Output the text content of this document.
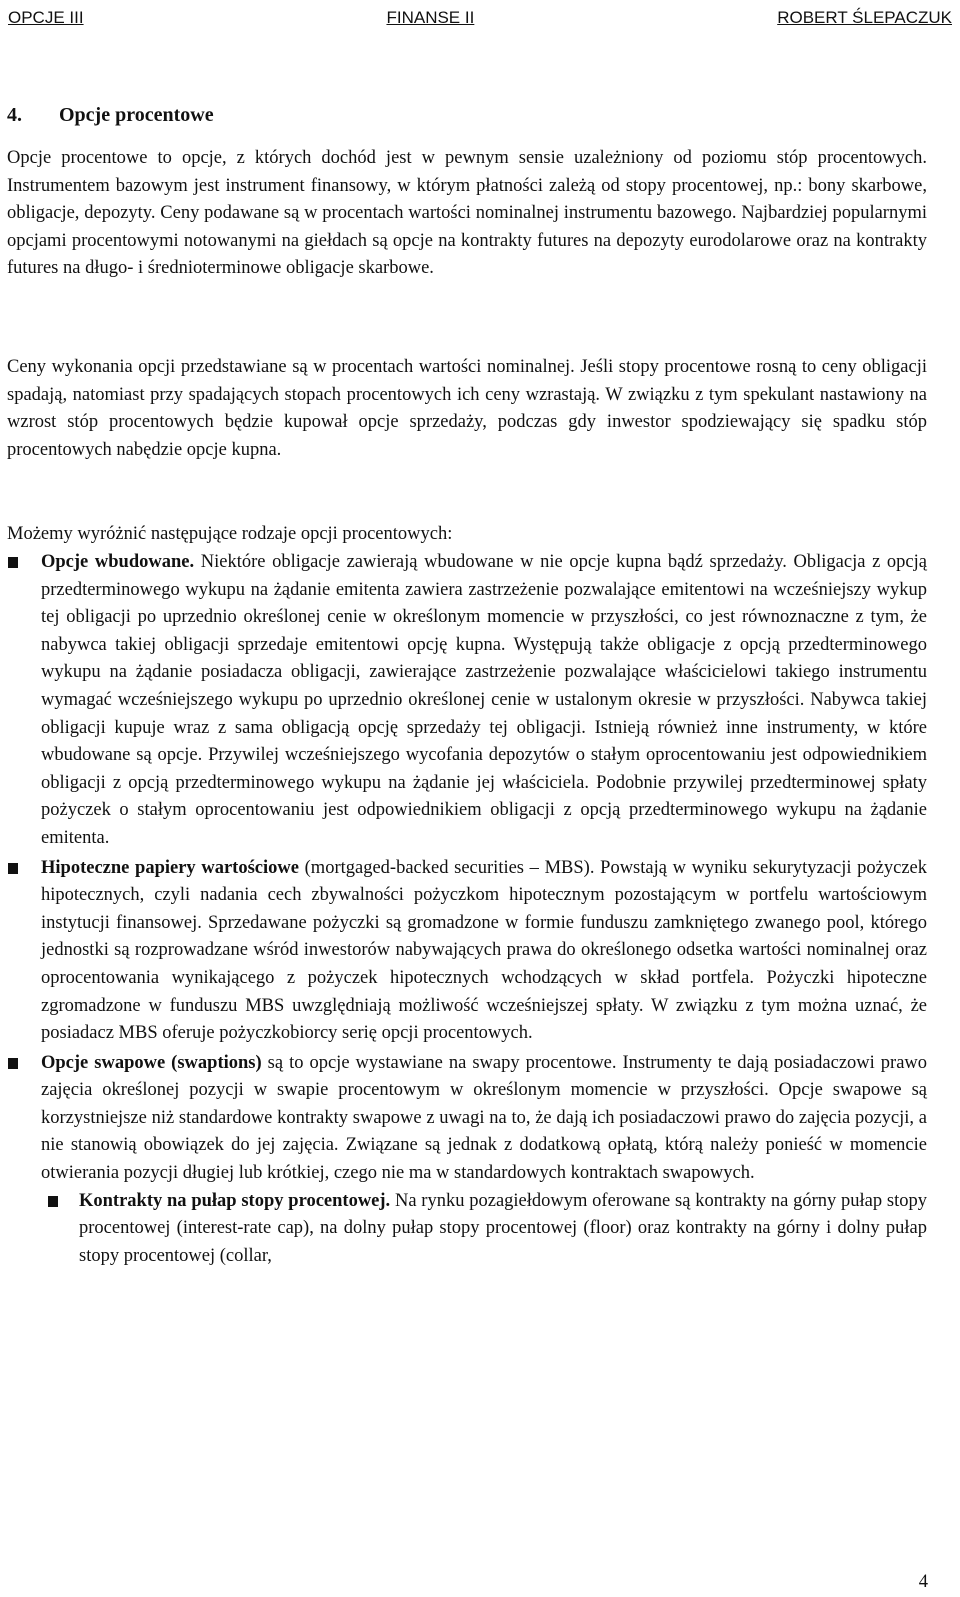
OPCJE III	FINANSE II	ROBERT ŚLEPACZUK
4. Opcje procentowe

Opcje procentowe to opcje, z których dochód jest w pewnym sensie uzależniony od poziomu stóp procentowych. Instrumentem bazowym jest instrument finansowy, w którym płatności zależą od stopy procentowej, np.: bony skarbowe, obligacje, depozyty. Ceny podawane są w procentach wartości nominalnej instrumentu bazowego. Najbardziej popularnymi opcjami procentowymi notowanymi na giełdach są opcje na kontrakty futures na depozyty eurodolarowe oraz na kontrakty futures na długo- i średnioterminowe obligacje skarbowe.

Ceny wykonania opcji przedstawiane są w procentach wartości nominalnej. Jeśli stopy procentowe rosną to ceny obligacji spadają, natomiast przy spadających stopach procentowych ich ceny wzrastają. W związku z tym spekulant nastawiony na wzrost stóp procentowych będzie kupował opcje sprzedaży, podczas gdy inwestor spodziewający się spadku stóp procentowych nabędzie opcje kupna.

Możemy wyróżnić następujące rodzaje opcji procentowych:

Opcje wbudowane. Niektóre obligacje zawierają wbudowane w nie opcje kupna bądź sprzedaży. Obligacja z opcją przedterminowego wykupu na żądanie emitenta zawiera zastrzeżenie pozwalające emitentowi na wcześniejszy wykup tej obligacji po uprzednio określonej cenie w określonym momencie w przyszłości, co jest równoznaczne z tym, że nabywca takiej obligacji sprzedaje emitentowi opcję kupna. Występują także obligacje z opcją przedterminowego wykupu na żądanie posiadacza obligacji, zawierające zastrzeżenie pozwalające właścicielowi takiego instrumentu wymagać wcześniejszego wykupu po uprzednio określonej cenie w ustalonym okresie w przyszłości. Nabywca takiej obligacji kupuje wraz z sama obligacją opcję sprzedaży tej obligacji. Istnieją również inne instrumenty, w które wbudowane są opcje. Przywilej wcześniejszego wycofania depozytów o stałym oprocentowaniu jest odpowiednikiem obligacji z opcją przedterminowego wykupu na żądanie jej właściciela. Podobnie przywilej przedterminowej spłaty pożyczek o stałym oprocentowaniu jest odpowiednikiem obligacji z opcją przedterminowego wykupu na żądanie emitenta.
Hipoteczne papiery wartościowe (mortgaged-backed securities – MBS). Powstają w wyniku sekurytyzacji pożyczek hipotecznych, czyli nadania cech zbywalności pożyczkom hipotecznym pozostającym w portfelu wartościowym instytucji finansowej. Sprzedawane pożyczki są gromadzone w formie funduszu zamkniętego zwanego pool, którego jednostki są rozprowadzane wśród inwestorów nabywających prawa do określonego odsetka wartości nominalnej oraz oprocentowania wynikającego z pożyczek hipotecznych wchodzących w skład portfela. Pożyczki hipoteczne zgromadzone w funduszu MBS uwzględniają możliwość wcześniejszej spłaty. W związku z tym można uznać, że posiadacz MBS oferuje pożyczkobiorcy serię opcji procentowych.
Opcje swapowe (swaptions) są to opcje wystawiane na swapy procentowe. Instrumenty te dają posiadaczowi prawo zajęcia określonej pozycji w swapie procentowym w określonym momencie w przyszłości. Opcje swapowe są korzystniejsze niż standardowe kontrakty swapowe z uwagi na to, że dają ich posiadaczowi prawo do zajęcia pozycji, a nie stanowią obowiązek do jej zajęcia. Związane są jednak z dodatkową opłatą, którą należy ponieść w momencie otwierania pozycji długiej lub krótkiej, czego nie ma w standardowych kontraktach swapowych.
Kontrakty na pułap stopy procentowej. Na rynku pozagiełdowym oferowane są kontrakty na górny pułap stopy procentowej (interest-rate cap), na dolny pułap stopy procentowej (floor) oraz kontrakty na górny i dolny pułap stopy procentowej (collar,
4
